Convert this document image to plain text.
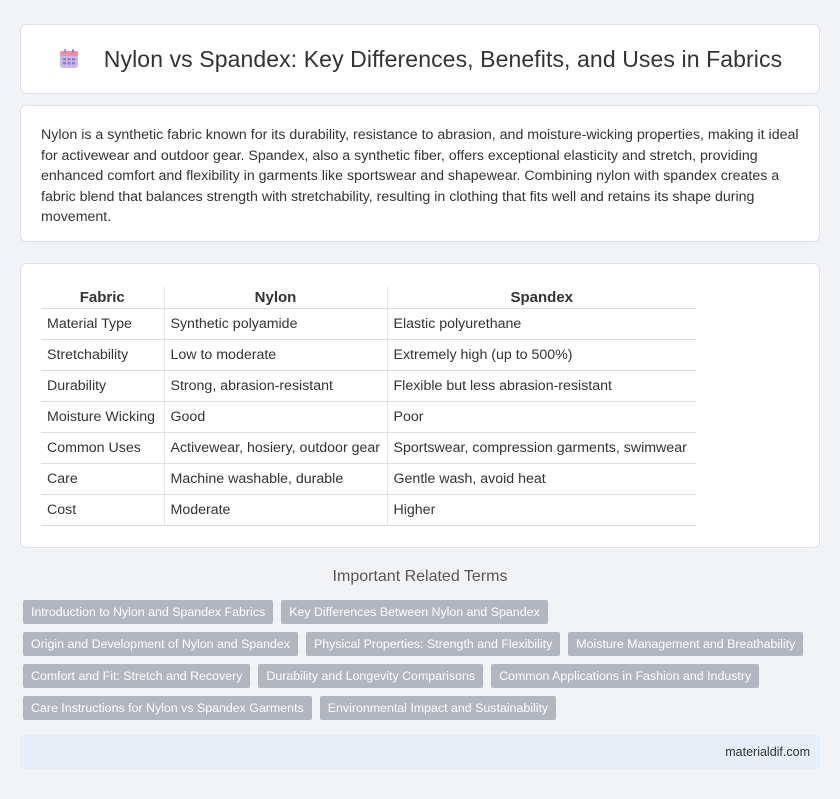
Nylon vs Spandex: Key Differences, Benefits, and Uses in Fabrics

Nylon is a synthetic fabric known for its durability, resistance to abrasion, and moisture-wicking properties, making it ideal for activewear and outdoor gear. Spandex, also a synthetic fiber, offers exceptional elasticity and stretch, providing enhanced comfort and flexibility in garments like sportswear and shapewear. Combining nylon with spandex creates a fabric blend that balances strength with stretchability, resulting in clothing that fits well and retains its shape during movement.

Fabric	Nylon	Spandex
Material Type	Synthetic polyamide	Elastic polyurethane
Stretchability	Low to moderate	Extremely high (up to 500%)
Durability	Strong, abrasion-resistant	Flexible but less abrasion-resistant
Moisture Wicking	Good	Poor
Common Uses	Activewear, hosiery, outdoor gear	Sportswear, compression garments, swimwear
Care	Machine washable, durable	Gentle wash, avoid heat
Cost	Moderate	Higher
Important Related Terms
Introduction to Nylon and Spandex Fabrics	Key Differences Between Nylon and Spandex
Origin and Development of Nylon and Spandex	Physical Properties: Strength and Flexibility	Moisture Management and Breathability
Comfort and Fit: Stretch and Recovery	Durability and Longevity Comparisons	Common Applications in Fashion and Industry
Care Instructions for Nylon vs Spandex Garments	Environmental Impact and Sustainability
materialdif.com
